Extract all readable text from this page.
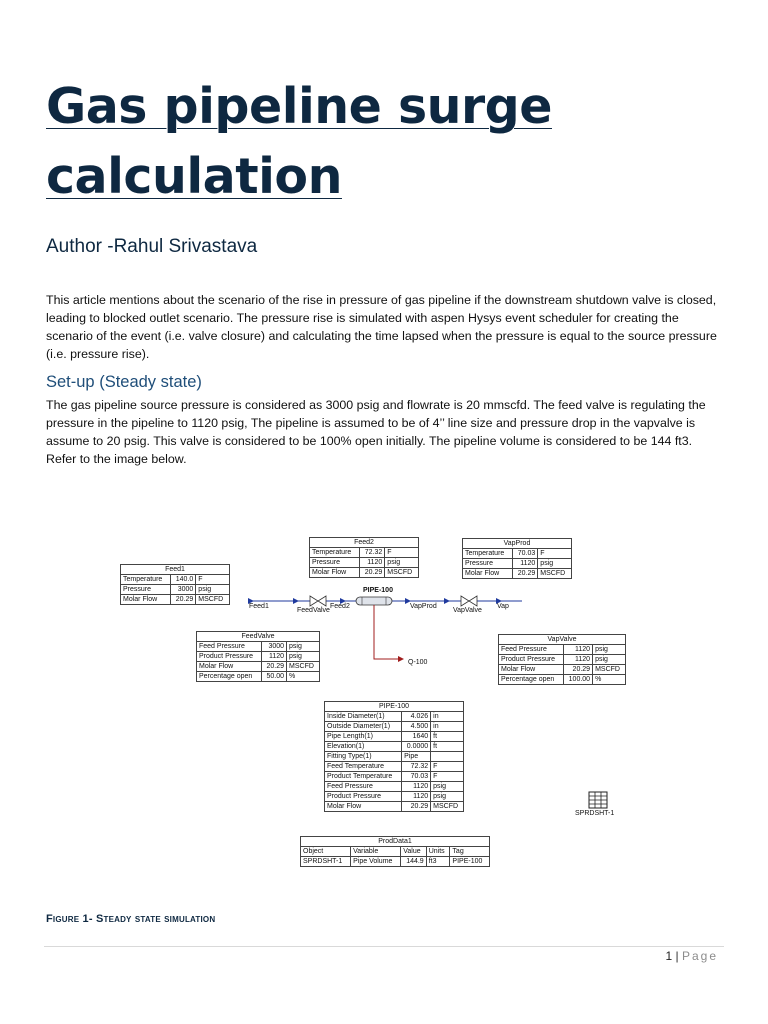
Gas pipeline surge
calculation
Author -Rahul Srivastava

This article mentions about the scenario of the rise in pressure of gas pipeline if the downstream shutdown valve is closed, leading to blocked outlet scenario. The pressure rise is simulated with aspen Hysys event scheduler for creating the scenario of the event (i.e. valve closure) and calculating the time lapsed when the pressure is equal to the source pressure (i.e. pressure rise).

Set-up (Steady state)

The gas pipeline source pressure is considered as 3000 psig and flowrate is 20 mmscfd. The feed valve is regulating the pressure in the pipeline to 1120 psig, The pipeline is assumed to be of 4’’ line size and pressure drop in the vapvalve is assume to 20 psig. This valve is considered to be 100% open initially. The pipeline volume is considered to be 144 ft3. Refer to the image below.

Feed1
FeedValve
Feed2
PIPE-100
VapProd
VapValve
Vap
Q-100
SPRDSHT-1
Feed1		
Temperature	140.0	F
Pressure	3000	psig
Molar Flow	20.29	MSCFD
Feed2		
Temperature	72.32	F
Pressure	1120	psig
Molar Flow	20.29	MSCFD
VapProd		
Temperature	70.03	F
Pressure	1120	psig
Molar Flow	20.29	MSCFD
FeedValve		
Feed Pressure	3000	psig
Product Pressure	1120	psig
Molar Flow	20.29	MSCFD
Percentage open	50.00	%
VapValve		
Feed Pressure	1120	psig
Product Pressure	1120	psig
Molar Flow	20.29	MSCFD
Percentage open	100.00	%
PIPE-100		
Inside Diameter(1)	4.026	in
Outside Diameter(1)	4.500	in
Pipe Length(1)	1640	ft
Elevation(1)	0.0000	ft
Fitting Type(1)	Pipe	
Feed Temperature	72.32	F
Product Temperature	70.03	F
Feed Pressure	1120	psig
Product Pressure	1120	psig
Molar Flow	20.29	MSCFD
ProdData1				
Object	Variable	Value	Units	Tag
SPRDSHT-1	Pipe Volume	144.9	ft3	PIPE-100

Figure 1- Steady state simulation

1 | Page
